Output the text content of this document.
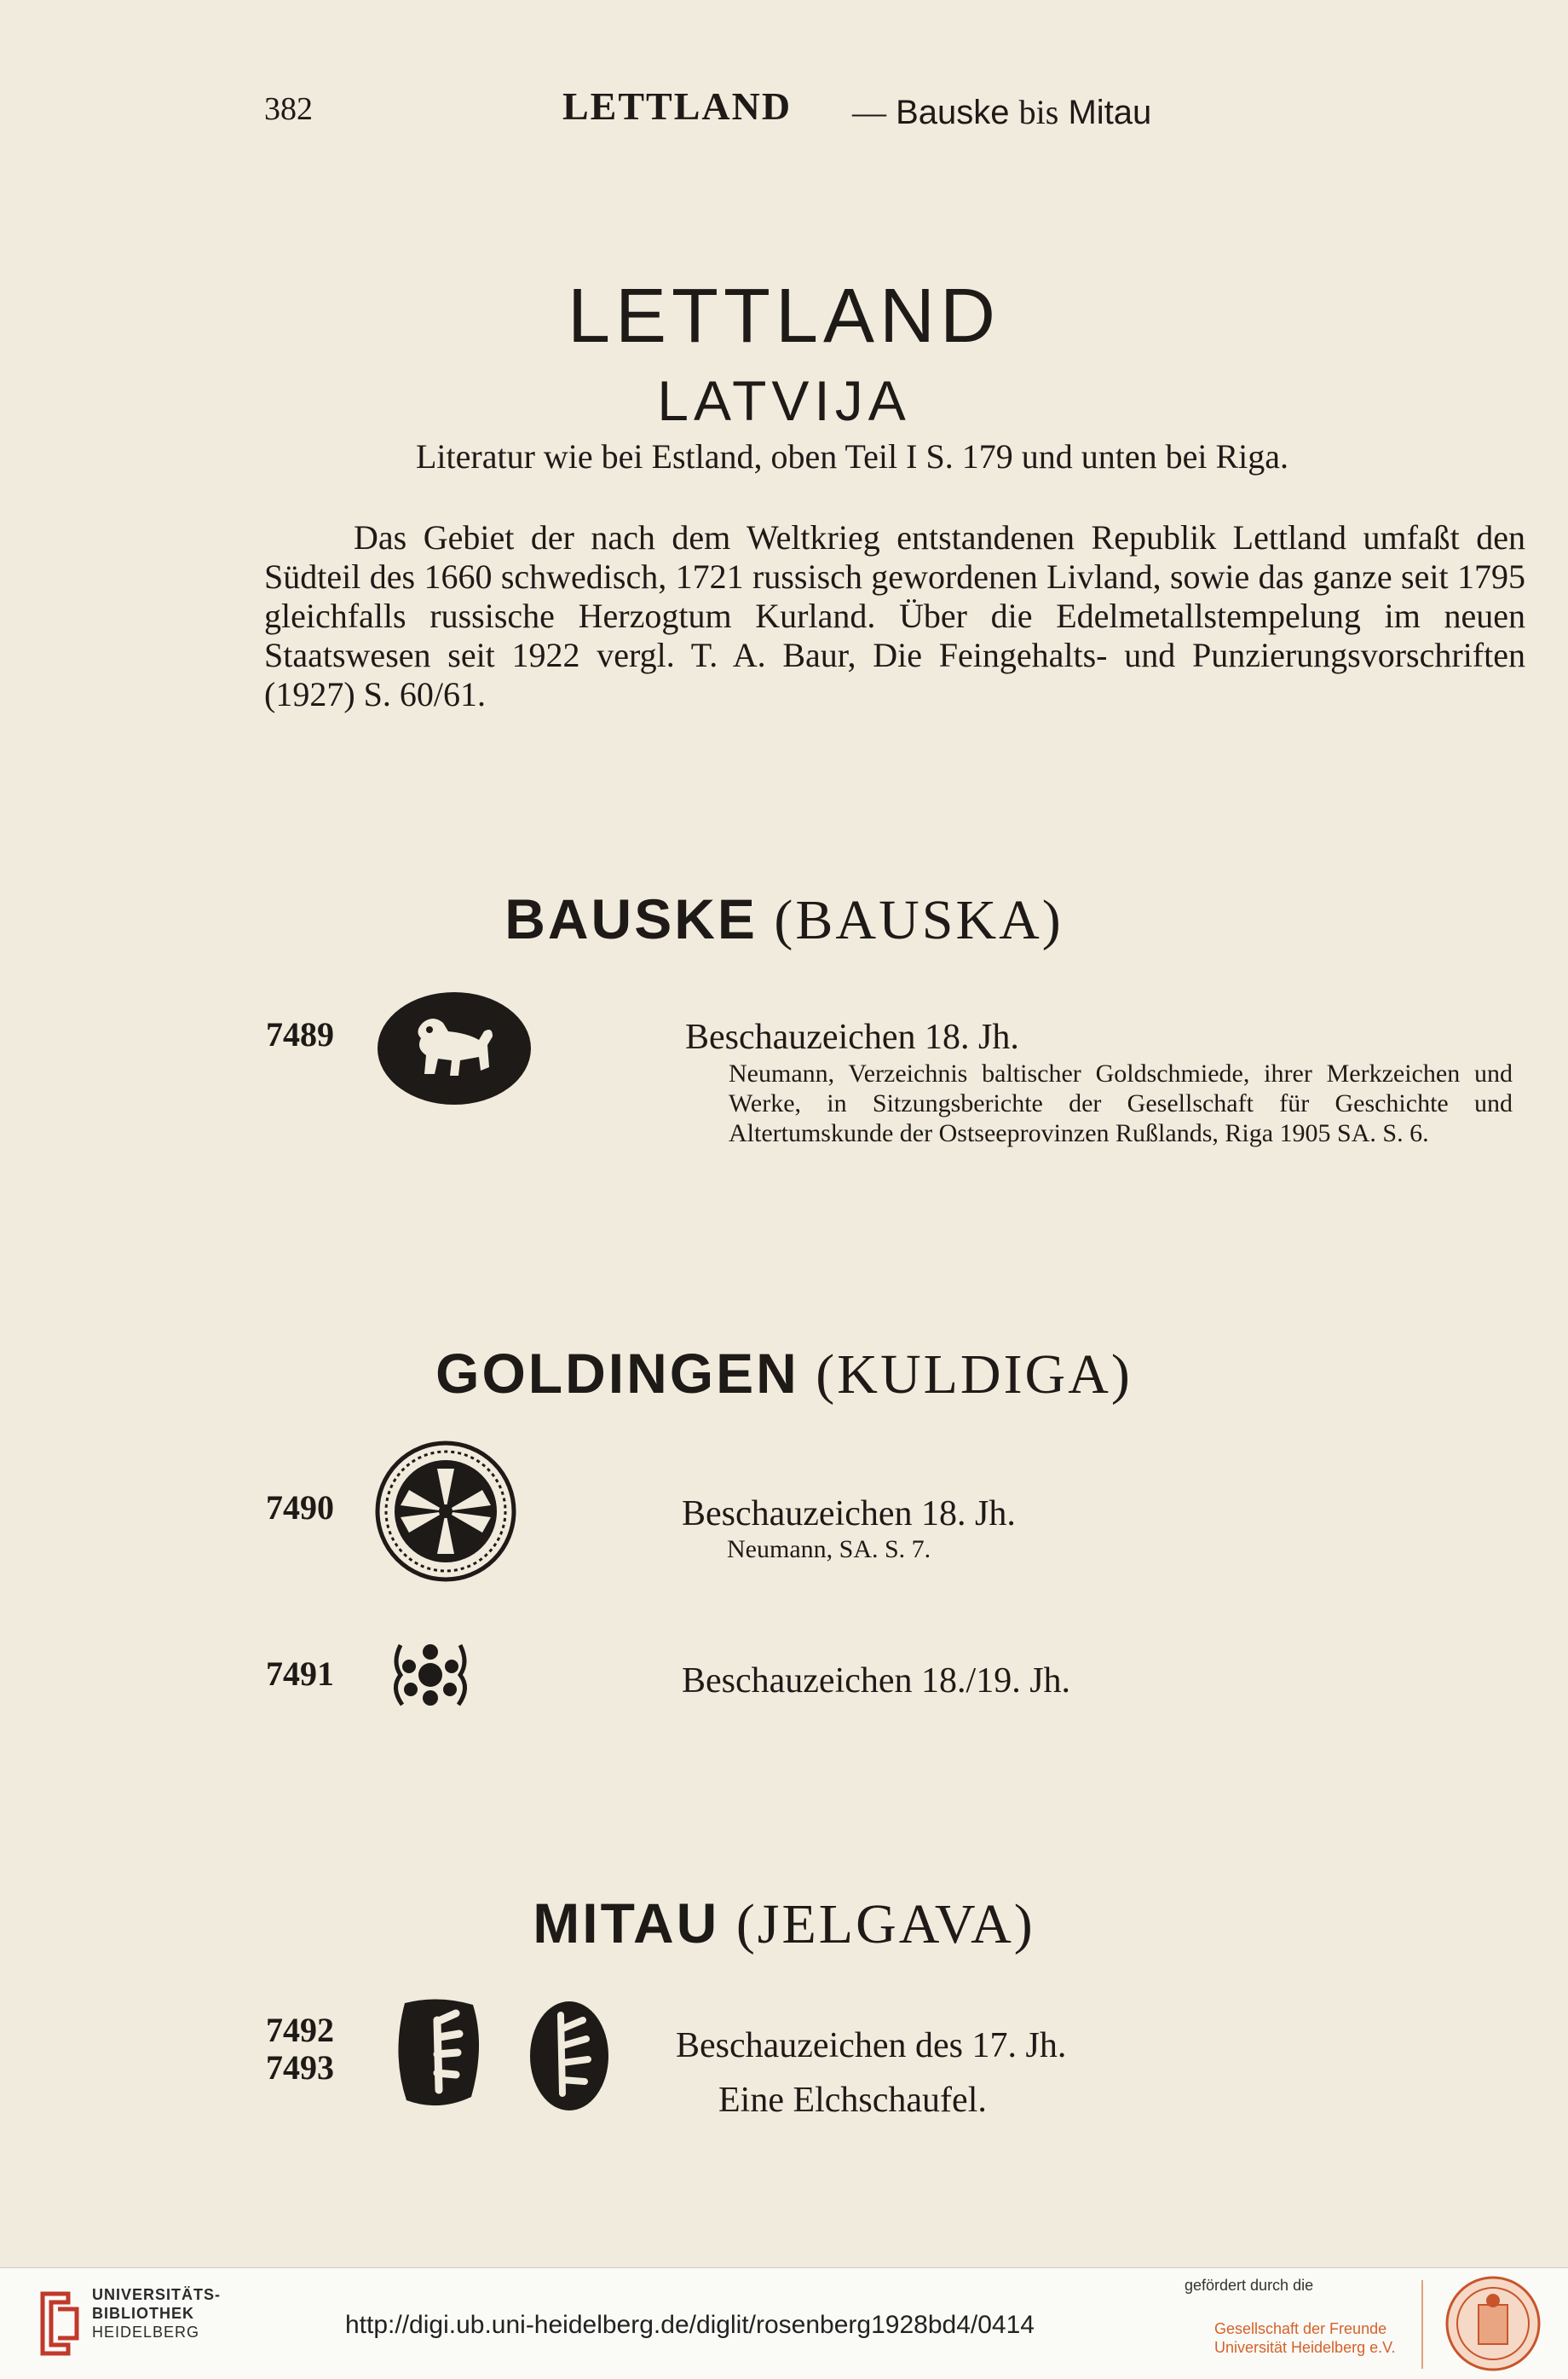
382	LETTLAND — Bauske bis Mitau
LETTLAND
LATVIJA
Literatur wie bei Estland, oben Teil I S. 179 und unten bei Riga.
Das Gebiet der nach dem Weltkrieg entstandenen Republik Lettland umfaßt den Südteil des 1660 schwedisch, 1721 russisch gewordenen Livland, sowie das ganze seit 1795 gleichfalls russische Herzogtum Kurland. Über die Edelmetallstempelung im neuen Staatswesen seit 1922 vergl. T. A. Baur, Die Feingehalts- und Punzierungsvorschriften (1927) S. 60/61.
BAUSKE (BAUSKA)
7489	Beschauzeichen 18. Jh.
Neumann, Verzeichnis baltischer Goldschmiede, ihrer Merkzeichen und Werke, in Sitzungsberichte der Gesellschaft für Geschichte und Altertumskunde der Ostseeprovinzen Rußlands, Riga 1905 SA. S. 6.
GOLDINGEN (KULDIGA)
7490	Beschauzeichen 18. Jh.
Neumann, SA. S. 7.
7491	Beschauzeichen 18./19. Jh.
MITAU (JELGAVA)
7492
7493
Beschauzeichen des 17. Jh.
Eine Elchschaufel.
UNIVERSITÄTS-
BIBLIOTHEK
HEIDELBERG	http://digi.ub.uni-heidelberg.de/diglit/rosenberg1928bd4/0414
gefördert durch die
Gesellschaft der Freunde
Universität Heidelberg e.V.
